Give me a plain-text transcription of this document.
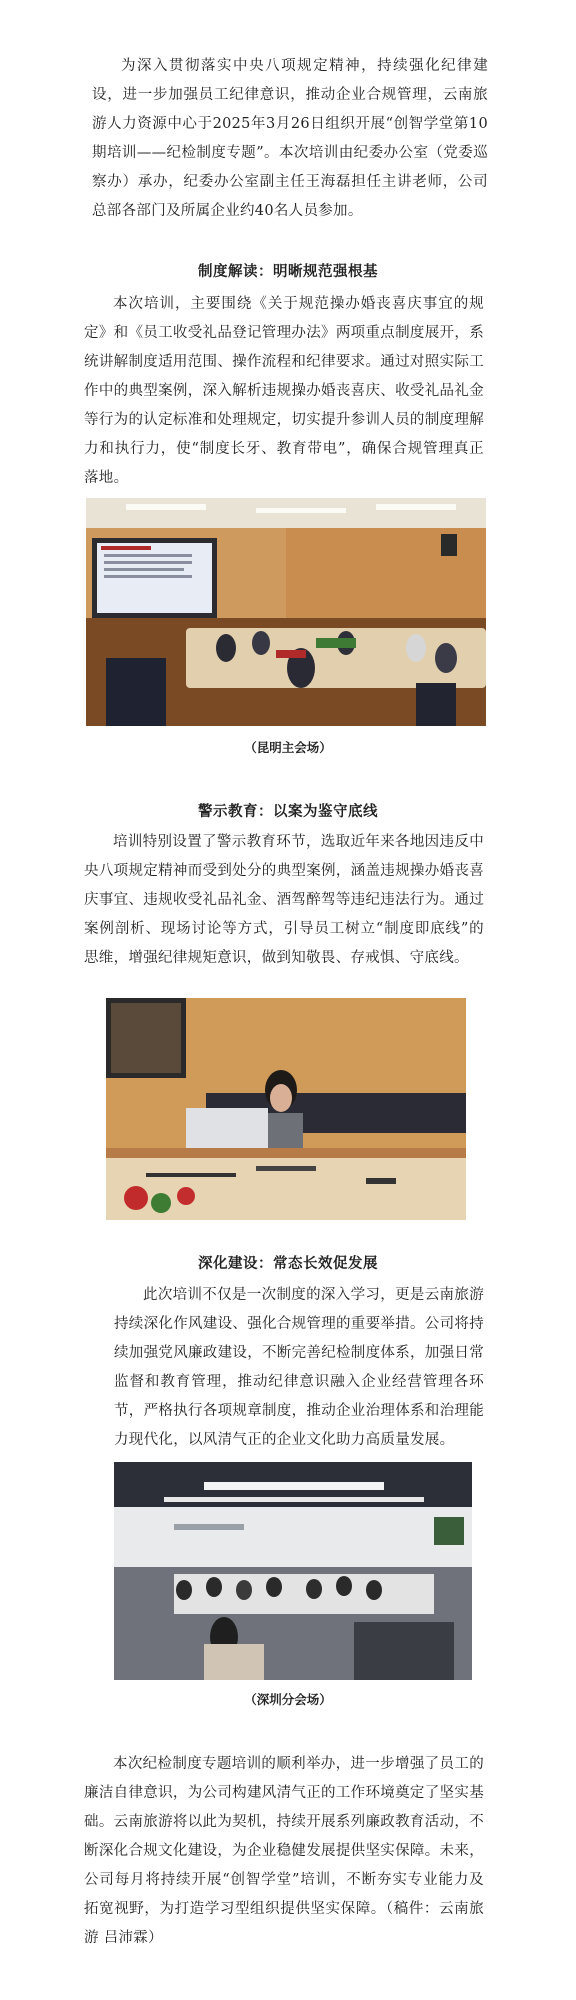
为深入贯彻落实中央八项规定精神，持续强化纪律建设，进一步加强员工纪律意识，推动企业合规管理，云南旅游人力资源中心于2025年3月26日组织开展“创智学堂第10期培训——纪检制度专题”。本次培训由纪委办公室（党委巡察办）承办，纪委办公室副主任王海磊担任主讲老师，公司总部各部门及所属企业约40名人员参加。

制度解读：明晰规范强根基

本次培训，主要围绕《关于规范操办婚丧喜庆事宜的规定》和《员工收受礼品登记管理办法》两项重点制度展开，系统讲解制度适用范围、操作流程和纪律要求。通过对照实际工作中的典型案例，深入解析违规操办婚丧喜庆、收受礼品礼金等行为的认定标准和处理规定，切实提升参训人员的制度理解力和执行力，使“制度长牙、教育带电”，确保合规管理真正落地。

（昆明主会场）

警示教育：以案为鉴守底线

培训特别设置了警示教育环节，选取近年来各地因违反中央八项规定精神而受到处分的典型案例，涵盖违规操办婚丧喜庆事宜、违规收受礼品礼金、酒驾醉驾等违纪违法行为。通过案例剖析、现场讨论等方式，引导员工树立“制度即底线”的思维，增强纪律规矩意识，做到知敬畏、存戒惧、守底线。

深化建设：常态长效促发展

此次培训不仅是一次制度的深入学习，更是云南旅游持续深化作风建设、强化合规管理的重要举措。公司将持续加强党风廉政建设，不断完善纪检制度体系，加强日常监督和教育管理，推动纪律意识融入企业经营管理各环节，严格执行各项规章制度，推动企业治理体系和治理能力现代化，以风清气正的企业文化助力高质量发展。

（深圳分会场）

本次纪检制度专题培训的顺利举办，进一步增强了员工的廉洁自律意识，为公司构建风清气正的工作环境奠定了坚实基础。云南旅游将以此为契机，持续开展系列廉政教育活动，不断深化合规文化建设，为企业稳健发展提供坚实保障。未来，公司每月将持续开展“创智学堂”培训，不断夯实专业能力及拓宽视野，为打造学习型组织提供坚实保障。（稿件：云南旅游 吕沛霖）
